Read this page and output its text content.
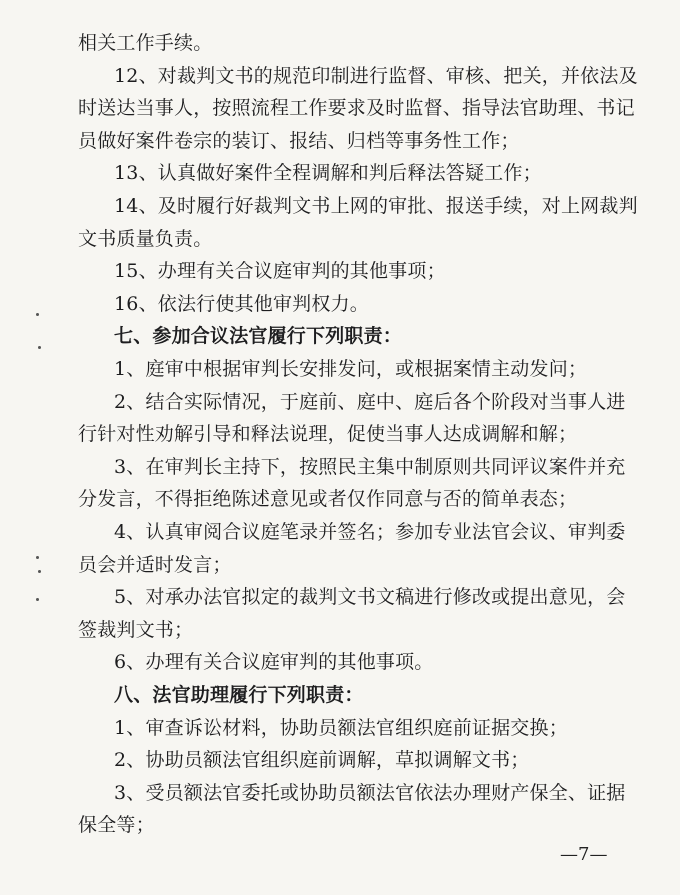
相关工作手续。
12、对裁判文书的规范印制进行监督、审核、把关，并依法及
时送达当事人，按照流程工作要求及时监督、指导法官助理、书记
员做好案件卷宗的装订、报结、归档等事务性工作；
13、认真做好案件全程调解和判后释法答疑工作；
14、及时履行好裁判文书上网的审批、报送手续，对上网裁判
文书质量负责。
15、办理有关合议庭审判的其他事项；
16、依法行使其他审判权力。
七、参加合议法官履行下列职责：
1、庭审中根据审判长安排发问，或根据案情主动发问；
2、结合实际情况，于庭前、庭中、庭后各个阶段对当事人进
行针对性劝解引导和释法说理，促使当事人达成调解和解；
3、在审判长主持下，按照民主集中制原则共同评议案件并充
分发言，不得拒绝陈述意见或者仅作同意与否的简单表态；
4、认真审阅合议庭笔录并签名；参加专业法官会议、审判委
员会并适时发言；
5、对承办法官拟定的裁判文书文稿进行修改或提出意见，会
签裁判文书；
6、办理有关合议庭审判的其他事项。
八、法官助理履行下列职责：
1、审查诉讼材料，协助员额法官组织庭前证据交换；
2、协助员额法官组织庭前调解，草拟调解文书；
3、受员额法官委托或协助员额法官依法办理财产保全、证据
保全等；
—7—
